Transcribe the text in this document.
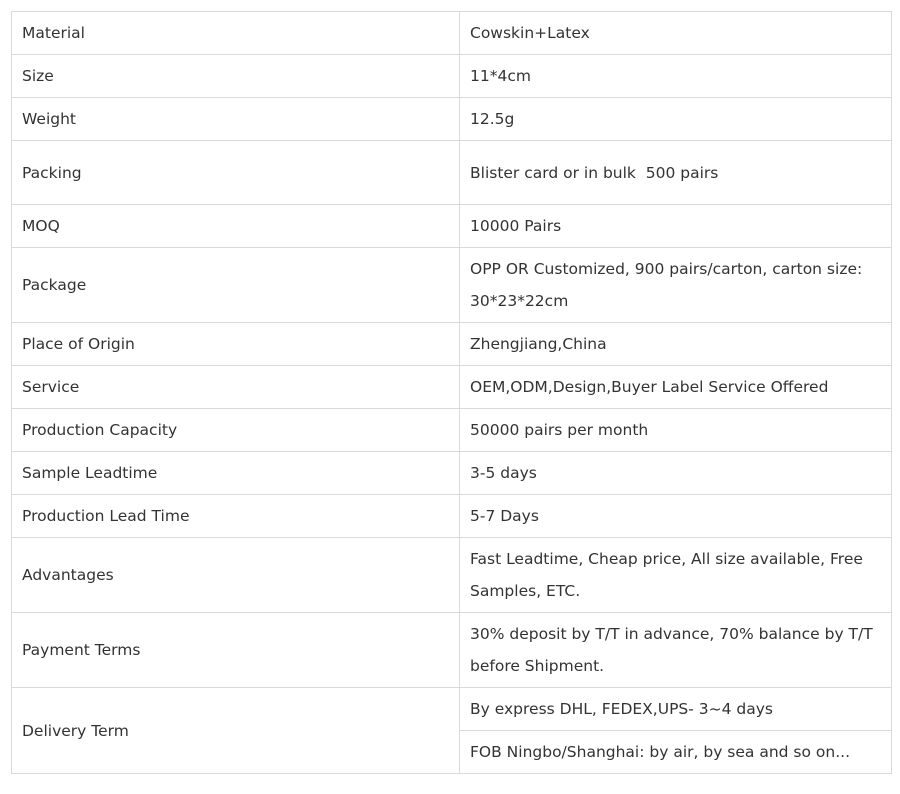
Material	Cowskin+Latex
Size	11*4cm
Weight	12.5g
Packing	Blister card or in bulk  500 pairs
MOQ	10000 Pairs
Package	OPP OR Customized, 900 pairs/carton, carton size: 30*23*22cm
Place of Origin	Zhengjiang,China
Service	OEM,ODM,Design,Buyer Label Service Offered
Production Capacity	50000 pairs per month
Sample Leadtime	3-5 days
Production Lead Time	5-7 Days
Advantages	Fast Leadtime, Cheap price, All size available, Free Samples, ETC.
Payment Terms	30% deposit by T/T in advance, 70% balance by T/T before Shipment.
Delivery Term	By express DHL, FEDEX,UPS- 3~4 days
	FOB Ningbo/Shanghai: by air, by sea and so on...
